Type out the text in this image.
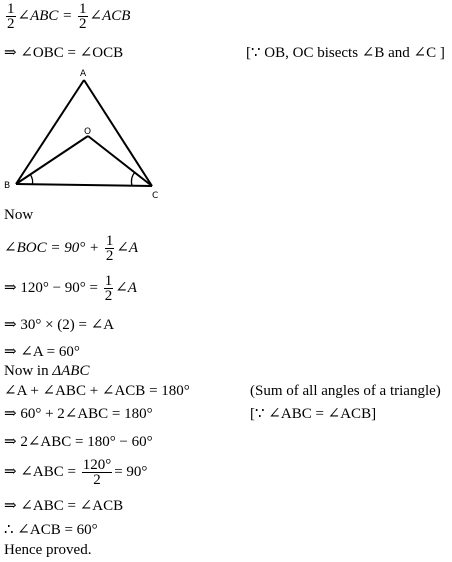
$\frac{1}{2}$ ∠ABC = $\frac{1}{2}$ ∠ACB
⇒ ∠OBC = ∠OCB	[∵ OB, OC bisects ∠B and ∠C ]
A
O
B
C
Now
∠BOC = $90^\circ + \frac{1}{2}$ ∠A
⇒ $120^\circ - 90^\circ = \frac{1}{2}$ ∠A
⇒ 30° × (2) = ∠A
⇒ ∠A = 60°
Now in ΔABC
∠A + ∠ABC + ∠ACB = 180°	(Sum of all angles of a triangle)
⇒ 60° + 2∠ABC = 180°	[∵ ∠ABC = ∠ACB]
⇒ 2∠ABC = 180° − 60°
⇒ ∠ABC = $\frac{120^\circ}{2} = 90^\circ$
⇒ ∠ABC = ∠ACB
∴ ∠ACB = 60°
Hence proved.
